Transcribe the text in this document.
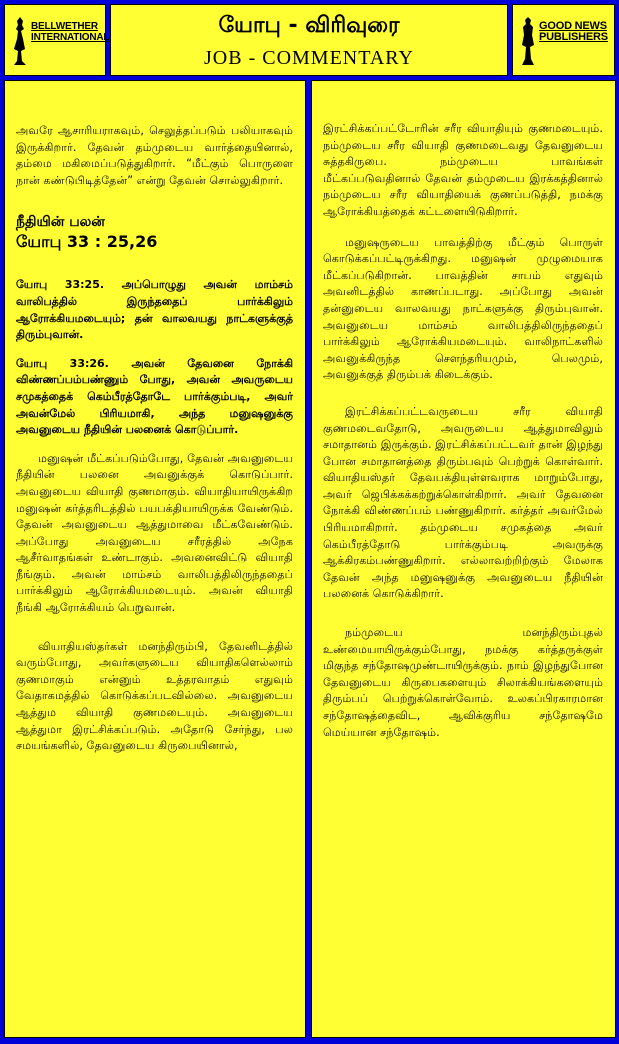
BELLWETHER
INTERNATIONAL	யோபு - விரிவுரை
JOB - COMMENTARY
GOOD NEWS
PUBLISHERS

அவரே ஆசாரியராகவும், செலுத்தப்படும் பலியாகவும் இருக்கிறார். தேவன் தம்முடைய வார்த்தையினால், தம்மை மகிமைப்படுத்துகிறார். “மீட்கும் பொருளை நான் கண்டுபிடித்தேன்” என்று தேவன் சொல்லுகிறார்.

நீதியின் பலன்
யோபு 33 : 25,26

யோபு 33:25. அப்பொழுது அவன் மாம்சம் வாலிபத்தில் இருந்ததைப் பார்க்கிலும் ஆரோக்கியமடையும்; தன் வாலவயது நாட்களுக்குத் திரும்புவான்.

யோபு 33:26. அவன் தேவனை நோக்கி விண்ணப்பம்பண்ணும் போது, அவன் அவருடைய சமுகத்தைக் கெம்பீரத்தோடே பார்க்கும்படி, அவர் அவன்மேல் பிரியமாகி, அந்த மனுஷனுக்கு அவனுடைய நீதியின் பலனைக் கொடுப்பார்.

மனுஷன் மீட்கப்படும்போது, தேவன் அவனுடைய நீதியின் பலனை அவனுக்குக் கொடுப்பார். அவனுடைய வியாதி குணமாகும். வியாதியாயிருக்கிற மனுஷன் கர்த்தரிடத்தில் பயபக்தியாயிருக்க வேண்டும். தேவன் அவனுடைய ஆத்துமாவை மீட்கவேண்டும். அப்போது அவனுடைய சரீரத்தில் அநேக ஆசீர்வாதங்கள் உண்டாகும். அவனைவிட்டு வியாதி நீங்கும். அவன் மாம்சம் வாலிபத்திலிருந்ததைப் பார்க்கிலும் ஆரோக்கியமடையும். அவன் வியாதி நீங்கி ஆரோக்கியம் பெறுவான்.

வியாதியஸ்தர்கள் மனந்திரும்பி, தேவனிடத்தில் வரும்போது, அவர்களுடைய வியாதிகளெல்லாம் குணமாகும் என்னும் உத்தரவாதம் எதுவும் வேதாகமத்தில் கொடுக்கப்படவில்லை. அவனுடைய ஆத்தும வியாதி குணமடையும். அவனுடைய ஆத்துமா இரட்சிக்கப்படும். அதோடு சேர்ந்து, பல சமயங்களில், தேவனுடைய கிருபையினால்,

இரட்சிக்கப்பட்டோரின் சரீர வியாதியும் குணமடையும். நம்முடைய சரீர வியாதி குணமடைவது தேவனுடைய சுத்தகிருபை. நம்முடைய பாவங்கள் மீட்கப்படுவதினால் தேவன் தம்முடைய இரக்கத்தினால் நம்முடைய சரீர வியாதியைக் குணப்படுத்தி, நமக்கு ஆரோக்கியத்தைக் கட்டளையிடுகிறார்.

மனுஷருடைய பாவத்திற்கு மீட்கும் பொருள் கொடுக்கப்பட்டிருக்கிறது. மனுஷன் முழுமையாக மீட்கப்படுகிறான். பாவத்தின் சாபம் எதுவும் அவனிடத்தில் காணப்படாது. அப்போது அவன் தன்னுடைய வாலவயது நாட்களுக்கு திரும்புவான். அவனுடைய மாம்சம் வாலிபத்திலிருந்ததைப் பார்க்கிலும் ஆரோக்கியமடையும். வாலிநாட்களில் அவனுக்கிருந்த சௌந்தரியமும், பெலமும், அவனுக்குத் திரும்பக் கிடைக்கும்.

இரட்சிக்கப்பட்டவருடைய சரீர வியாதி குணமடைவதோடு, அவருடைய ஆத்துமாவிலும் சமாதானம் இருக்கும். இரட்சிக்கப்பட்டவர் தான் இழந்து போன சமாதானத்தை திரும்பவும் பெற்றுக் கொள்வார். வியாதியஸ்தர் தேவபக்தியுள்ளவராக மாறும்போது, அவர் ஜெபிக்கக்கற்றுக்கொள்கிறார். அவர் தேவனை நோக்கி விண்ணப்பம் பண்ணுகிறார். கர்த்தர் அவர்மேல் பிரியமாகிறார். தம்முடைய சமுகத்தை அவர் கெம்பீரத்தோடு பார்க்கும்படி அவருக்கு ஆக்கிரகம்பண்ணுகிறார். எல்லாவற்றிற்கும் மேலாக தேவன் அந்த மனுஷனுக்கு அவனுடைய நீதியின் பலனைக் கொடுக்கிறார்.

நம்முடைய மனந்திரும்புதல் உண்மையாயிருக்கும்போது, நமக்கு கர்த்தருக்குள் மிகுந்த சந்தோஷமுண்டாயிருக்கும். நாம் இழந்துபோன தேவனுடைய கிருபைகளையும் சிலாக்கியங்களையும் திரும்பப் பெற்றுக்கொள்வோம். உலகப்பிரகாரமான சந்தோஷத்தைவிட, ஆவிக்குரிய சந்தோஷமே மெய்யான சந்தோஷம்.
